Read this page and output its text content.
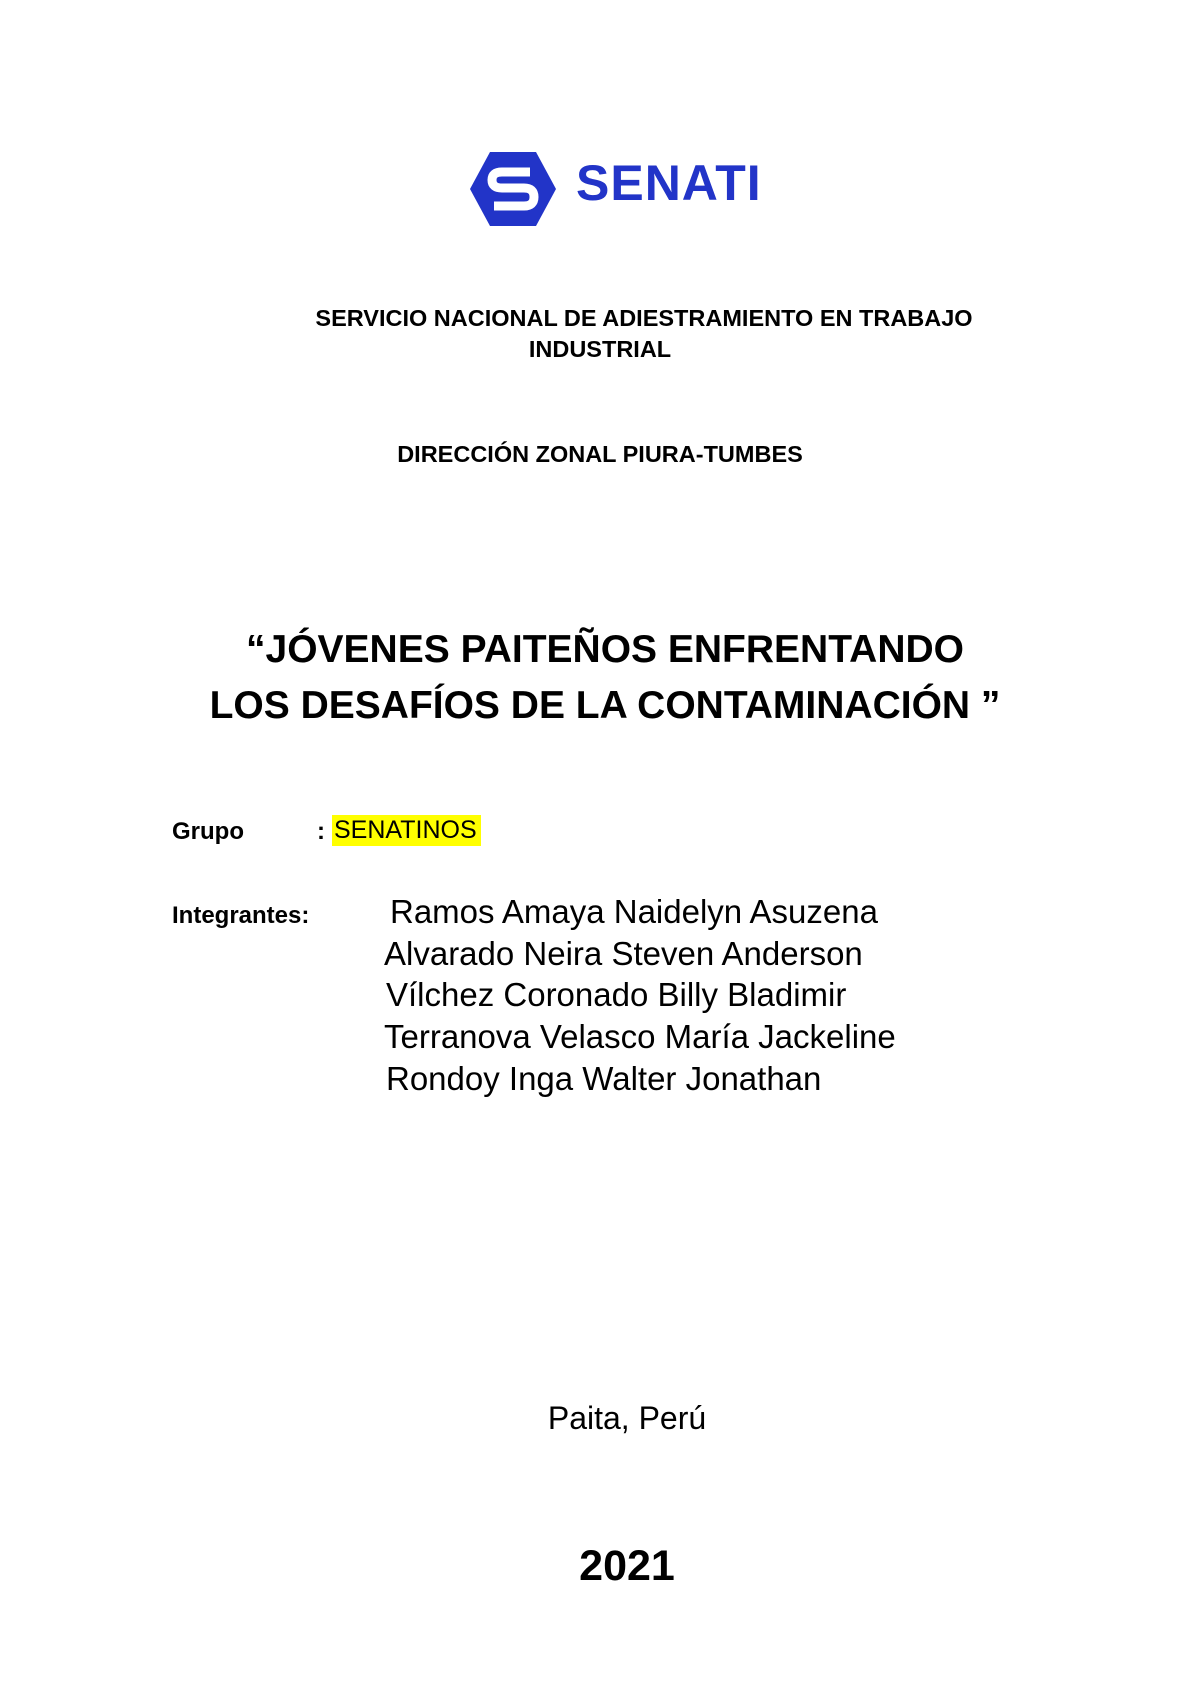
SENATI
SERVICIO NACIONAL DE ADIESTRAMIENTO EN TRABAJO
INDUSTRIAL
DIRECCIÓN ZONAL PIURA-TUMBES
“JÓVENES PAITEÑOS ENFRENTANDO
LOS DESAFÍOS DE LA CONTAMINACIÓN ”
Grupo	: SENATINOS
Integrantes: Ramos Amaya Naidelyn Asuzena
Alvarado Neira Steven Anderson
Vílchez Coronado Billy Bladimir
Terranova Velasco María Jackeline
Rondoy Inga Walter Jonathan
Paita, Perú
2021
